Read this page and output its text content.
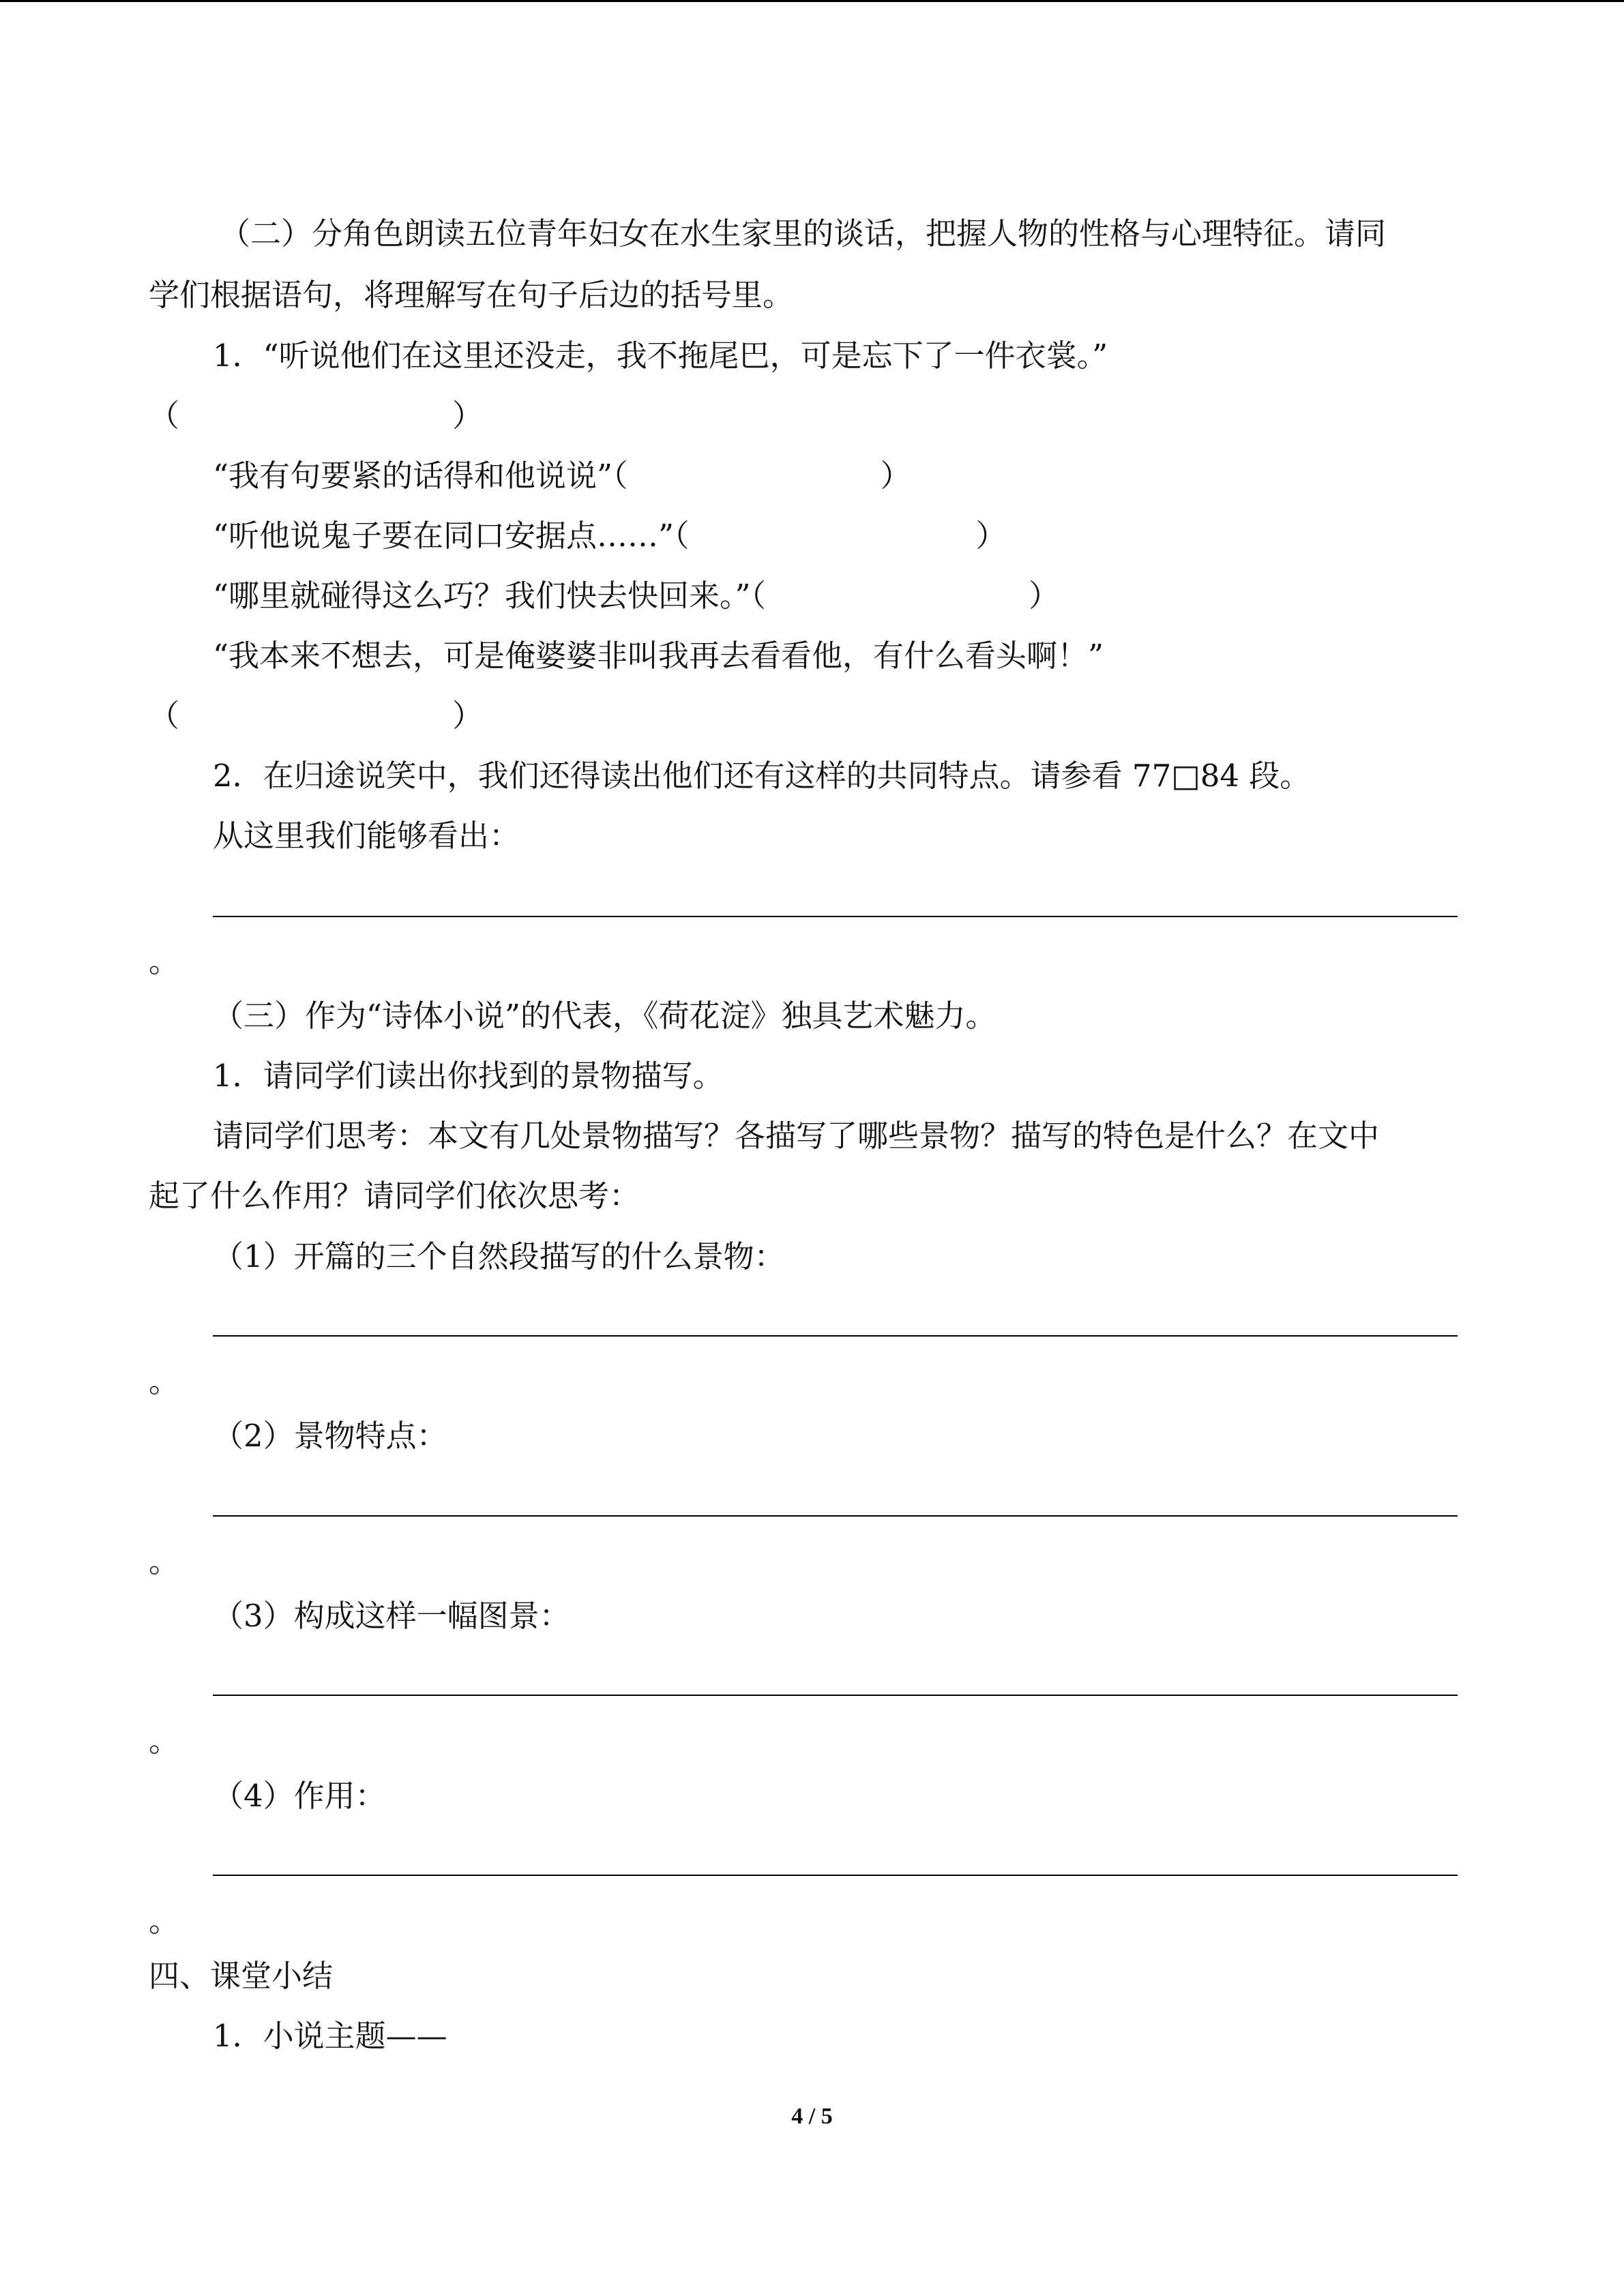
（二）分角色朗读五位青年妇女在水生家里的谈话，把握人物的性格与心理特征。请同
学们根据语句，将理解写在句子后边的括号里。
1．“听说他们在这里还没走，我不拖尾巴，可是忘下了一件衣裳。”
（	）
“我有句要紧的话得和他说说”（	）
“听他说鬼子要在同口安据点……”（	）
“哪里就碰得这么巧？我们快去快回来。”（	）
“我本来不想去，可是俺婆婆非叫我再去看看他，有什么看头啊！”
（	）
2．在归途说笑中，我们还得读出他们还有这样的共同特点。请参看 77□84 段。
从这里我们能够看出：
。
（三）作为“诗体小说”的代表，《荷花淀》独具艺术魅力。
1．请同学们读出你找到的景物描写。
请同学们思考：本文有几处景物描写？各描写了哪些景物？描写的特色是什么？在文中
起了什么作用？请同学们依次思考：
（1）开篇的三个自然段描写的什么景物：
。
（2）景物特点：
。
（3）构成这样一幅图景：
。
（4）作用：
。
四、课堂小结
1．小说主题——
4 / 5
